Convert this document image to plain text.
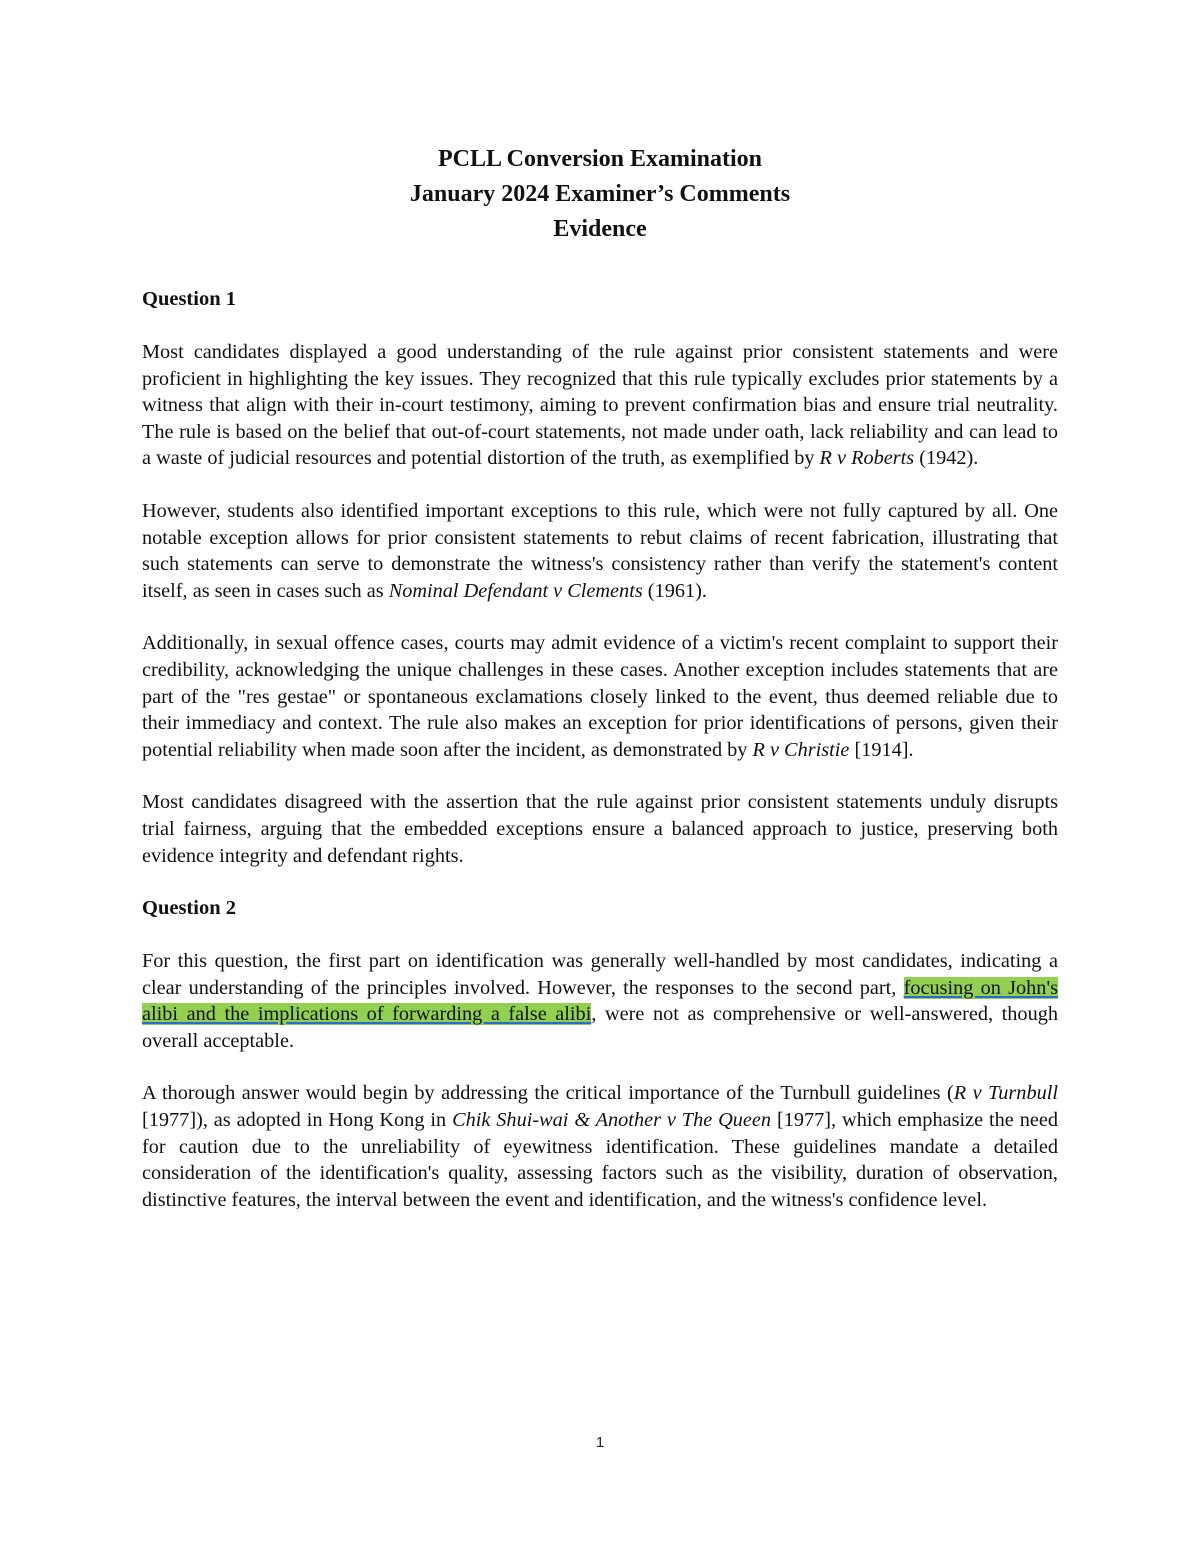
PCLL Conversion Examination

January 2024 Examiner’s Comments

Evidence

Question 1

Most candidates displayed a good understanding of the rule against prior consistent statements and were proficient in highlighting the key issues. They recognized that this rule typically excludes prior statements by a witness that align with their in-court testimony, aiming to prevent confirmation bias and ensure trial neutrality. The rule is based on the belief that out-of-court statements, not made under oath, lack reliability and can lead to a waste of judicial resources and potential distortion of the truth, as exemplified by R v Roberts (1942).

However, students also identified important exceptions to this rule, which were not fully captured by all. One notable exception allows for prior consistent statements to rebut claims of recent fabrication, illustrating that such statements can serve to demonstrate the witness's consistency rather than verify the statement's content itself, as seen in cases such as Nominal Defendant v Clements (1961).

Additionally, in sexual offence cases, courts may admit evidence of a victim's recent complaint to support their credibility, acknowledging the unique challenges in these cases. Another exception includes statements that are part of the "res gestae" or spontaneous exclamations closely linked to the event, thus deemed reliable due to their immediacy and context. The rule also makes an exception for prior identifications of persons, given their potential reliability when made soon after the incident, as demonstrated by R v Christie [1914].

Most candidates disagreed with the assertion that the rule against prior consistent statements unduly disrupts trial fairness, arguing that the embedded exceptions ensure a balanced approach to justice, preserving both evidence integrity and defendant rights.

Question 2

For this question, the first part on identification was generally well-handled by most candidates, indicating a clear understanding of the principles involved. However, the responses to the second part, focusing on John's alibi and the implications of forwarding a false alibi, were not as comprehensive or well-answered, though overall acceptable.

A thorough answer would begin by addressing the critical importance of the Turnbull guidelines (R v Turnbull [1977]), as adopted in Hong Kong in Chik Shui-wai & Another v The Queen [1977], which emphasize the need for caution due to the unreliability of eyewitness identification. These guidelines mandate a detailed consideration of the identification's quality, assessing factors such as the visibility, duration of observation, distinctive features, the interval between the event and identification, and the witness's confidence level.

1
